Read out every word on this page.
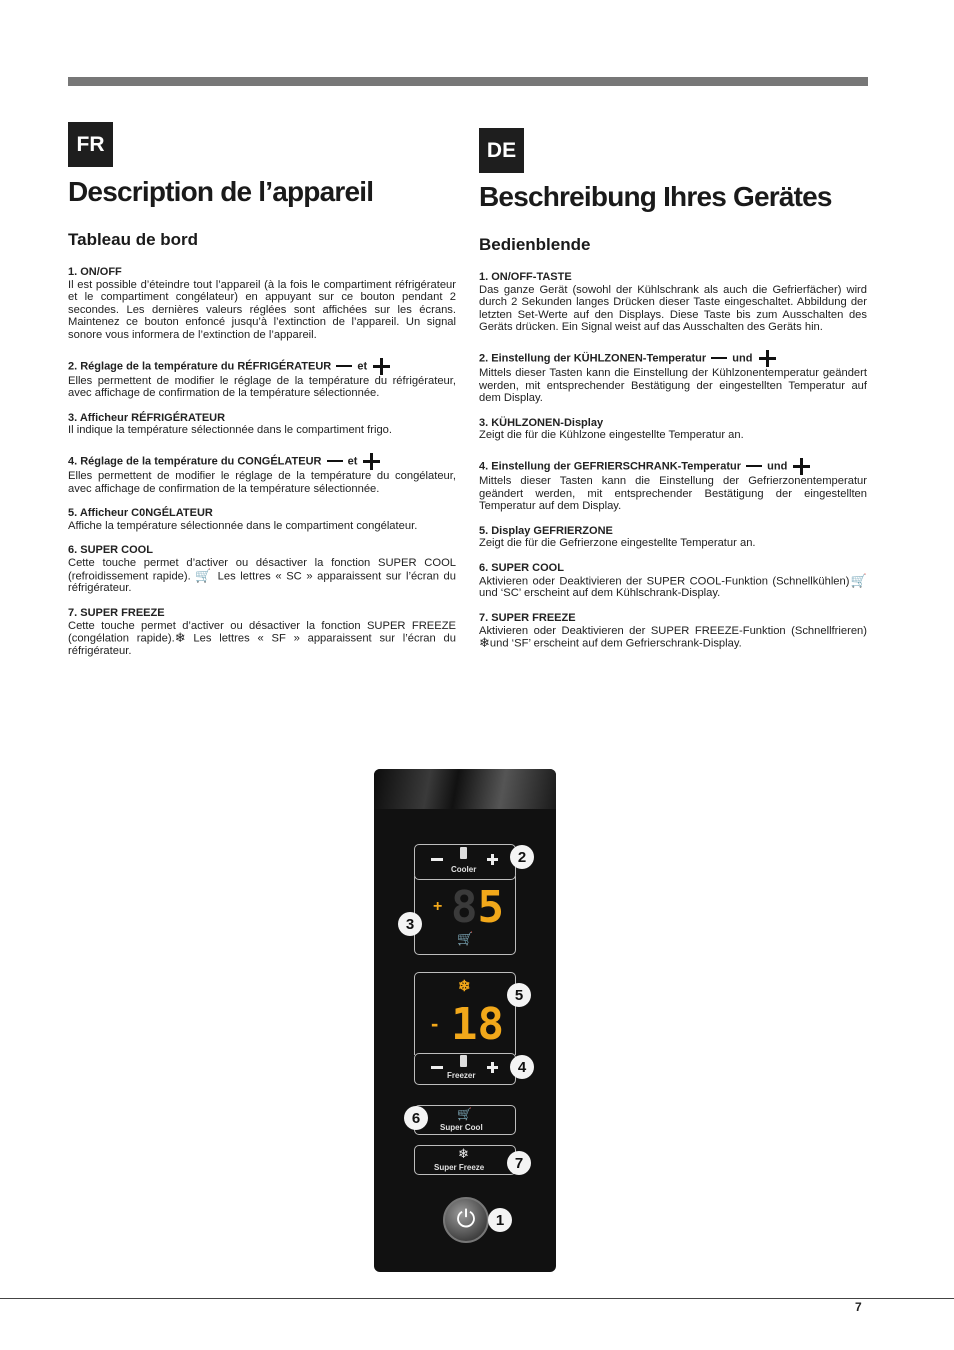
FR
Description de l’appareil
Tableau de bord
1. ON/OFF
Il est possible d’éteindre tout l’appareil (à la fois le compartiment réfrigérateur et le compartiment congélateur) en appuyant sur ce bouton pendant 2 secondes. Les dernières valeurs réglées sont affichées sur les écrans. Maintenez ce bouton enfoncé jusqu’à l’extinction de l’appareil. Un signal sonore vous informera de l’extinction de l’appareil.
2. Réglage de la température du RÉFRIGÉRATEUR et
Elles permettent de modifier le réglage de la température du réfrigérateur, avec affichage de confirmation de la température sélectionnée.
3. Afficheur RÉFRIGÉRATEUR
Il indique la température sélectionnée dans le compartiment frigo.
4. Réglage de la température du CONGÉLATEUR et
Elles permettent de modifier le réglage de la température du congélateur, avec affichage de confirmation de la température sélectionnée.
5. Afficheur C0NGÉLATEUR
Affiche la température sélectionnée dans le compartiment congélateur.
6. SUPER COOL
Cette touche permet d’activer ou désactiver la fonction SUPER COOL (refroidissement rapide). 🛒 Les lettres « SC » apparaissent sur l’écran du réfrigérateur.
7. SUPER FREEZE
Cette touche permet d’activer ou désactiver la fonction SUPER FREEZE (congélation rapide).❄ Les lettres « SF » apparaissent sur l’écran du réfrigérateur.
DE
Beschreibung Ihres Gerätes
Bedienblende
1. ON/OFF-TASTE
Das ganze Gerät (sowohl der Kühlschrank als auch die Gefrierfächer) wird durch 2 Sekunden langes Drücken dieser Taste eingeschaltet. Abbildung der letzten Set-Werte auf den Displays. Diese Taste bis zum Ausschalten des Geräts drücken. Ein Signal weist auf das Ausschalten des Geräts hin.
2. Einstellung der KÜHLZONEN-Temperatur und
Mittels dieser Tasten kann die Einstellung der Kühlzonentemperatur geändert werden, mit entsprechender Bestätigung der eingestellten Temperatur auf dem Display.
3. KÜHLZONEN-Display
Zeigt die für die Kühlzone eingestellte Temperatur an.
4. Einstellung der GEFRIERSCHRANK-Temperatur und
Mittels dieser Tasten kann die Einstellung der Gefrierzonentemperatur geändert werden, mit entsprechender Bestätigung der eingestellten Temperatur auf dem Display.
5. Display GEFRIERZONE
Zeigt die für die Gefrierzone eingestellte Temperatur an.
6. SUPER COOL
Aktivieren oder Deaktivieren der SUPER COOL-Funktion (Schnellkühlen)🛒 und ‘SC’ erscheint auf dem Kühlschrank-Display.
7. SUPER FREEZE
Aktivieren oder Deaktivieren der SUPER FREEZE-Funktion (Schnellfrieren) ❄und ‘SF’ erscheint auf dem Gefrierschrank-Display.
Cooler
+ 85
🛒
❄
- 18
Freezer
🛒
Super Cool
❄
Super Freeze
⏻
2
3
5
4
6
7
1
7
